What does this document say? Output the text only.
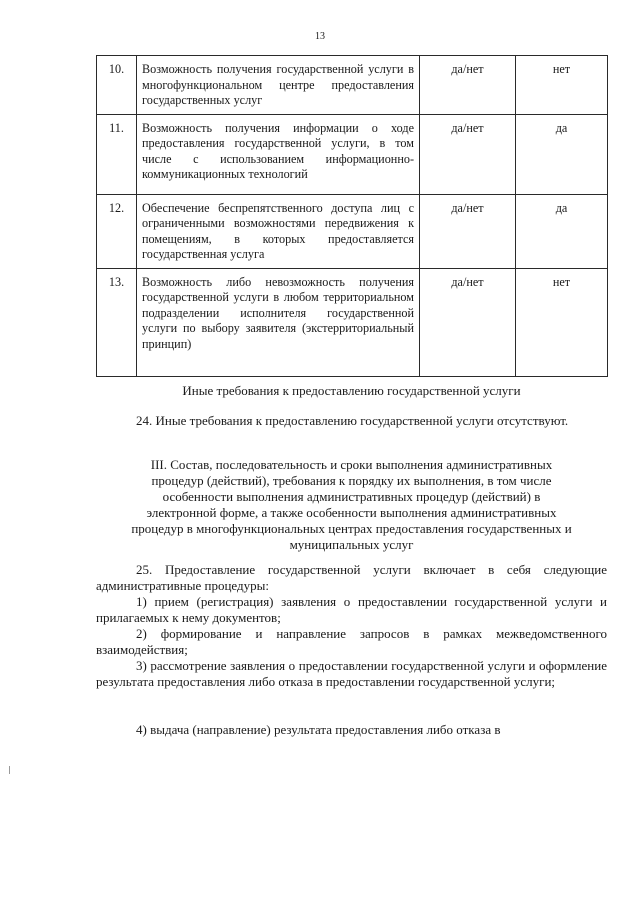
13
10.	Возможность получения государственной услуги в многофункциональном центре предоставления государственных услуг	да/нет	нет
11.	Возможность получения информации о ходе предоставления государственной услуги, в том числе с использованием информационно-коммуникационных технологий	да/нет	да
12.	Обеспечение беспрепятственного доступа лиц с ограниченными возможностями передвижения к помещениям, в которых предоставляется государственная услуга	да/нет	да
13.	Возможность либо невозможность получения государственной услуги в любом территориальном подразделении исполнителя государственной услуги по выбору заявителя (экстерриториальный принцип)	да/нет	нет
Иные требования к предоставлению государственной услуги
24. Иные требования к предоставлению государственной услуги отсутствуют.
III. Состав, последовательность и сроки выполнения административных
процедур (действий), требования к порядку их выполнения, в том числе
особенности выполнения административных процедур (действий) в
электронной форме, а также особенности выполнения административных
процедур в многофункциональных центрах предоставления государственных и
муниципальных услуг
25. Предоставление государственной услуги включает в себя следующие административные процедуры:
1) прием (регистрация) заявления о предоставлении государственной услуги и прилагаемых к нему документов;
2) формирование и направление запросов в рамках межведомственного взаимодействия;
3) рассмотрение заявления о предоставлении государственной услуги и оформление результата предоставления либо отказа в предоставлении государственной услуги;
4) выдача (направление) результата предоставления либо отказа в
